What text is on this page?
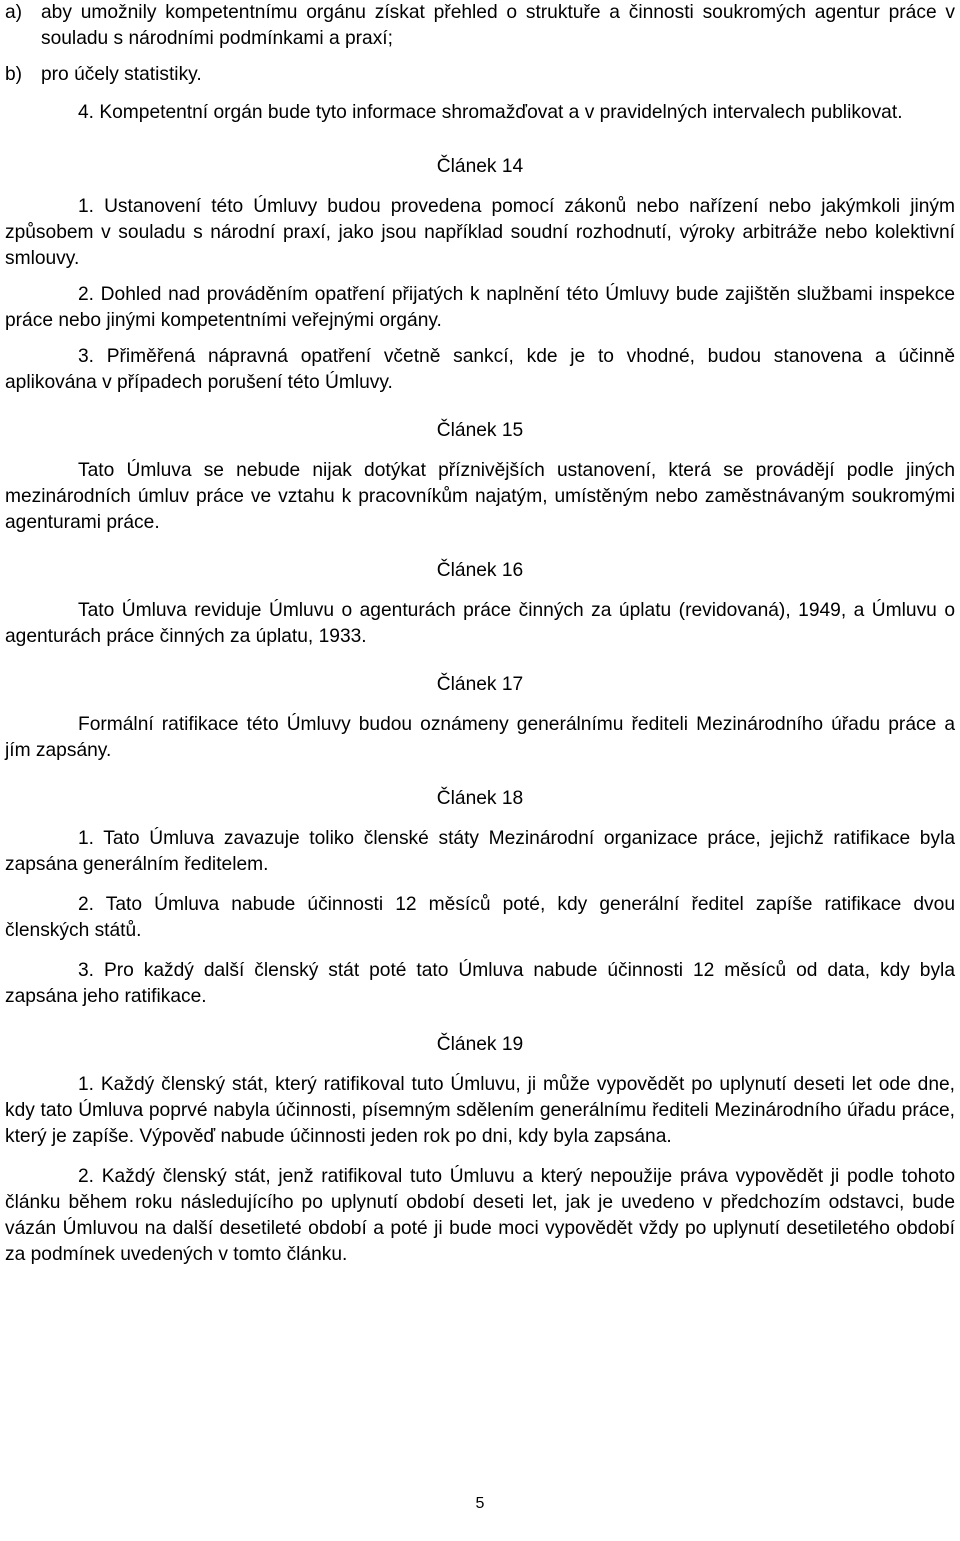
a) aby umožnily kompetentnímu orgánu získat přehled o struktuře a činnosti soukromých agentur práce v souladu s národními podmínkami a praxí;
b) pro účely statistiky.

4. Kompetentní orgán bude tyto informace shromažďovat a v pravidelných intervalech publikovat.

Článek 14

1. Ustanovení této Úmluvy budou provedena pomocí zákonů nebo nařízení nebo jakýmkoli jiným způsobem v souladu s národní praxí, jako jsou například soudní rozhodnutí, výroky arbitráže nebo kolektivní smlouvy.

2. Dohled nad prováděním opatření přijatých k naplnění této Úmluvy bude zajištěn službami inspekce práce nebo jinými kompetentními veřejnými orgány.

3. Přiměřená nápravná opatření včetně sankcí, kde je to vhodné, budou stanovena a účinně aplikována v případech porušení této Úmluvy.

Článek 15

Tato Úmluva se nebude nijak dotýkat příznivějších ustanovení, která se provádějí podle jiných mezinárodních úmluv práce ve vztahu k pracovníkům najatým, umístěným nebo zaměstnávaným soukromými agenturami práce.

Článek 16

Tato Úmluva reviduje Úmluvu o agenturách práce činných za úplatu (revidovaná), 1949, a Úmluvu o agenturách práce činných za úplatu, 1933.

Článek 17

Formální ratifikace této Úmluvy budou oznámeny generálnímu řediteli Mezinárodního úřadu práce a jím zapsány.

Článek 18

1. Tato Úmluva zavazuje toliko členské státy Mezinárodní organizace práce, jejichž ratifikace byla zapsána generálním ředitelem.

2. Tato Úmluva nabude účinnosti 12 měsíců poté, kdy generální ředitel zapíše ratifikace dvou členských států.

3. Pro každý další členský stát poté tato Úmluva nabude účinnosti 12 měsíců od data, kdy byla zapsána jeho ratifikace.

Článek 19

1. Každý členský stát, který ratifikoval tuto Úmluvu, ji může vypovědět po uplynutí deseti let ode dne, kdy tato Úmluva poprvé nabyla účinnosti, písemným sdělením generálnímu řediteli Mezinárodního úřadu práce, který je zapíše. Výpověď nabude účinnosti jeden rok po dni, kdy byla zapsána.

2. Každý členský stát, jenž ratifikoval tuto Úmluvu a který nepoužije práva vypovědět ji podle tohoto článku během roku následujícího po uplynutí období deseti let, jak je uvedeno v předchozím odstavci, bude vázán Úmluvou na další desetileté období a poté ji bude moci vypovědět vždy po uplynutí desetiletého období za podmínek uvedených v tomto článku.

5
